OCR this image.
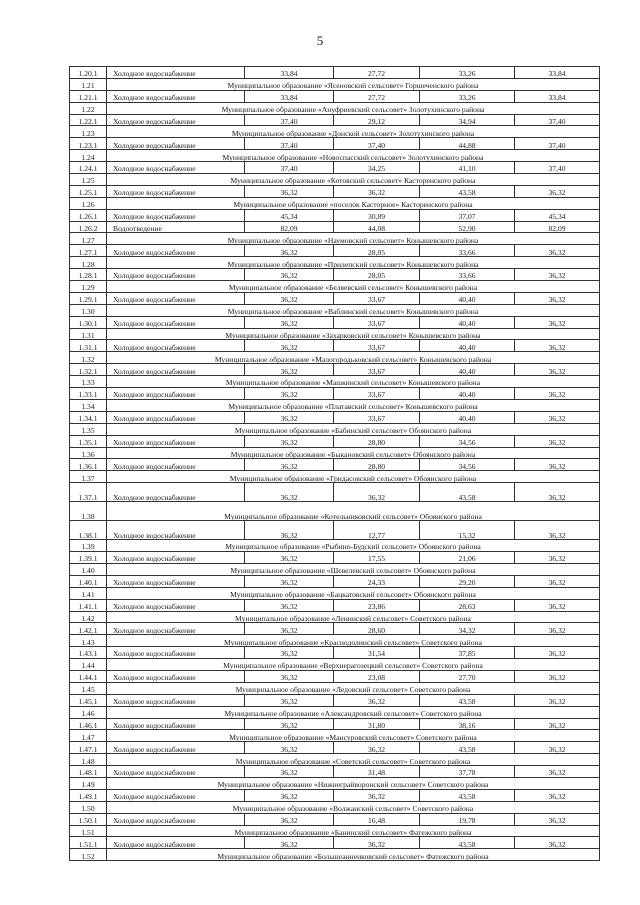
5
1.20.1	Холодное водоснабжение	33,84	27,72	33,26	33,84
1.21	Муниципальное образование «Ясеновский сельсовет» Горшеченского района				
1.21.1	Холодное водоснабжение	33,84	27,72	33,26	33,84
1.22	Муниципальное образование «Ануфриевский сельсовет» Золотухинского района				
1.22.1	Холодное водоснабжение	37,40	29,12	34,94	37,40
1.23	Муниципальное образование «Донской сельсовет» Золотухинского района				
1.23.1	Холодное водоснабжение	37,40	37,40	44,88	37,40
1.24	Муниципальное образование «Новоспасский сельсовет» Золотухинского района				
1.24.1	Холодное водоснабжение	37,40	34,25	41,10	37,40
1.25	Муниципальное образование «Котовский сельсовет» Касторенского района				
1.25.1	Холодное водоснабжение	36,32	36,32	43,58	36,32
1.26	Муниципальное образование «поселок Касторное» Касторенского района				
1.26.1	Холодное водоснабжение	45,34	30,89	37,07	45,34
1.26.2	Водоотведение	82,09	44,08	52,90	82,09
1.27	Муниципальное образование «Наумовский сельсовет» Конышевского района				
1.27.1	Холодное водоснабжение	36,32	28,05	33,66	36,32
1.28	Муниципальное образование «Прилепский сельсовет» Конышевского района				
1.28.1	Холодное водоснабжение	36,32	28,05	33,66	36,32
1.29	Муниципальное образование «Беляевский сельсовет» Конышевского района				
1.29.1	Холодное водоснабжение	36,32	33,67	40,40	36,32
1.30	Муниципальное образование «Ваблинский сельсовет» Конышевского района				
1.30.1	Холодное водоснабжение	36,32	33,67	40,40	36,32
1.31	Муниципальное образование «Захарковский сельсовет» Конышевского района				
1.31.1	Холодное водоснабжение	36,32	33,67	40,40	36,32
1.32	Муниципальное образование «Малогородьковский сельсовет» Конышевского района				
1.32.1	Холодное водоснабжение	36,32	33,67	40,40	36,32
1.33	Муниципальное образование «Машкинский сельсовет» Конышевского района				
1.33.1	Холодное водоснабжение	36,32	33,67	40,40	36,32
1.34	Муниципальное образование «Платавский сельсовет» Конышевского района				
1.34.1	Холодное водоснабжение	36,32	33,67	40,40	36,32
1.35	Муниципальное образование «Бабинский сельсовет» Обоянского района				
1.35.1	Холодное водоснабжение	36,32	28,80	34,56	36,32
1.36	Муниципальное образование «Быкановский сельсовет» Обоянского района				
1.36.1	Холодное водоснабжение	36,32	28,80	34,56	36,32
1.37	Муниципальное образование «Гридасовский сельсовет» Обоянского района				
1.37.1	Холодное водоснабжение	36,32	36,32	43,58	36,32
1.38	Муниципальное образование «Котельниковский сельсовет» Обоянского района				
1.38.1	Холодное водоснабжение	36,32	12,77	15,32	36,32
1.39	Муниципальное образование «Рыбино-Будский сельсовет» Обоянского района				
1.39.1	Холодное водоснабжение	36,32	17,55	21,06	36,32
1.40	Муниципальное образование «Шевелевский сельсовет» Обоянского района				
1.40.1	Холодное водоснабжение	36,32	24,33	29,20	36,32
1.41	Муниципальное образование «Бацкатовский сельсовет» Обоянского района				
1.41.1	Холодное водоснабжение	36,32	23,86	28,63	36,32
1.42	Муниципальное образование «Ленинский сельсовет» Советского района				
1.42.1	Холодное водоснабжение	36,32	28,60	34,32	36,32
1.43	Муниципальное образование «Краснодолинский сельсовет» Советского района				
1.43.1	Холодное водоснабжение	36,32	31,54	37,85	36,32
1.44	Муниципальное образование «Верхнерагозецкий сельсовет» Советского района				
1.44.1	Холодное водоснабжение	36,32	23,08	27,70	36,32
1.45	Муниципальное образование «Ледовский сельсовет» Советского района				
1.45.1	Холодное водоснабжение	36,32	36,32	43,58	36,32
1.46	Муниципальное образование «Александровский сельсовет» Советского района				
1.46.1	Холодное водоснабжение	36,32	31,80	38,16	36,32
1.47	Муниципальное образование «Мансуровский сельсовет» Советского района				
1.47.1	Холодное водоснабжение	36,32	36,32	43,58	36,32
1.48	Муниципальное образование «Советский сельсовет» Советского района				
1.48.1	Холодное водоснабжение	36,32	31,48	37,78	36,32
1.49	Муниципальное образование «Нижнеграйворонский сельсовет» Советского района				
1.49.1	Холодное водоснабжение	36,32	36,32	43,58	36,32
1.50	Муниципальное образование «Волжанский сельсовет» Советского района				
1.50.1	Холодное водоснабжение	36,32	16,48	19,78	36,32
1.51	Муниципальное образование «Банинский сельсовет» Фатежского района				
1.51.1	Холодное водоснабжение	36,32	36,32	43,58	36,32
1.52	Муниципальное образование «Большеанненковский сельсовет» Фатежского района				
